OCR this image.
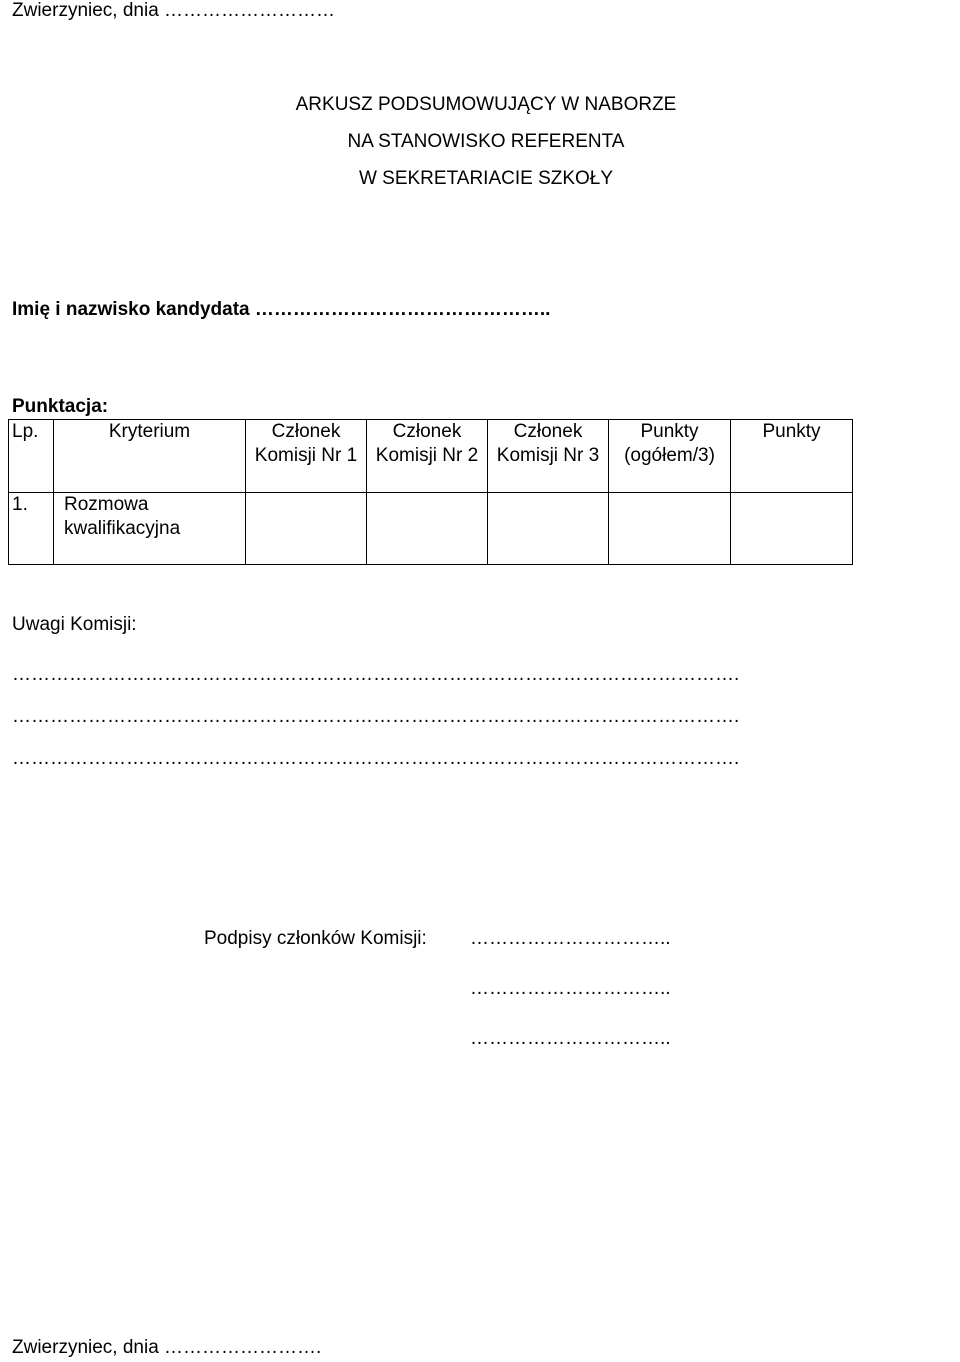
Zwierzyniec, dnia ………………………
ARKUSZ PODSUMOWUJĄCY W NABORZE
NA STANOWISKO REFERENTA
W SEKRETARIACIE SZKOŁY
Imię i nazwisko kandydata ………………………………………..
Punktacja:
Lp.	Kryterium	Członek Komisji Nr 1	Członek Komisji Nr 2	Członek Komisji Nr 3	Punkty (ogółem/3)	Punkty
1.	Rozmowa kwalifikacyjna					
Uwagi Komisji:
…………………………………………………………………………………………………….
…………………………………………………………………………………………………….
…………………………………………………………………………………………………….
Podpisy członków Komisji: …………………………..
…………………………..
…………………………..
Zwierzyniec, dnia …………………….
